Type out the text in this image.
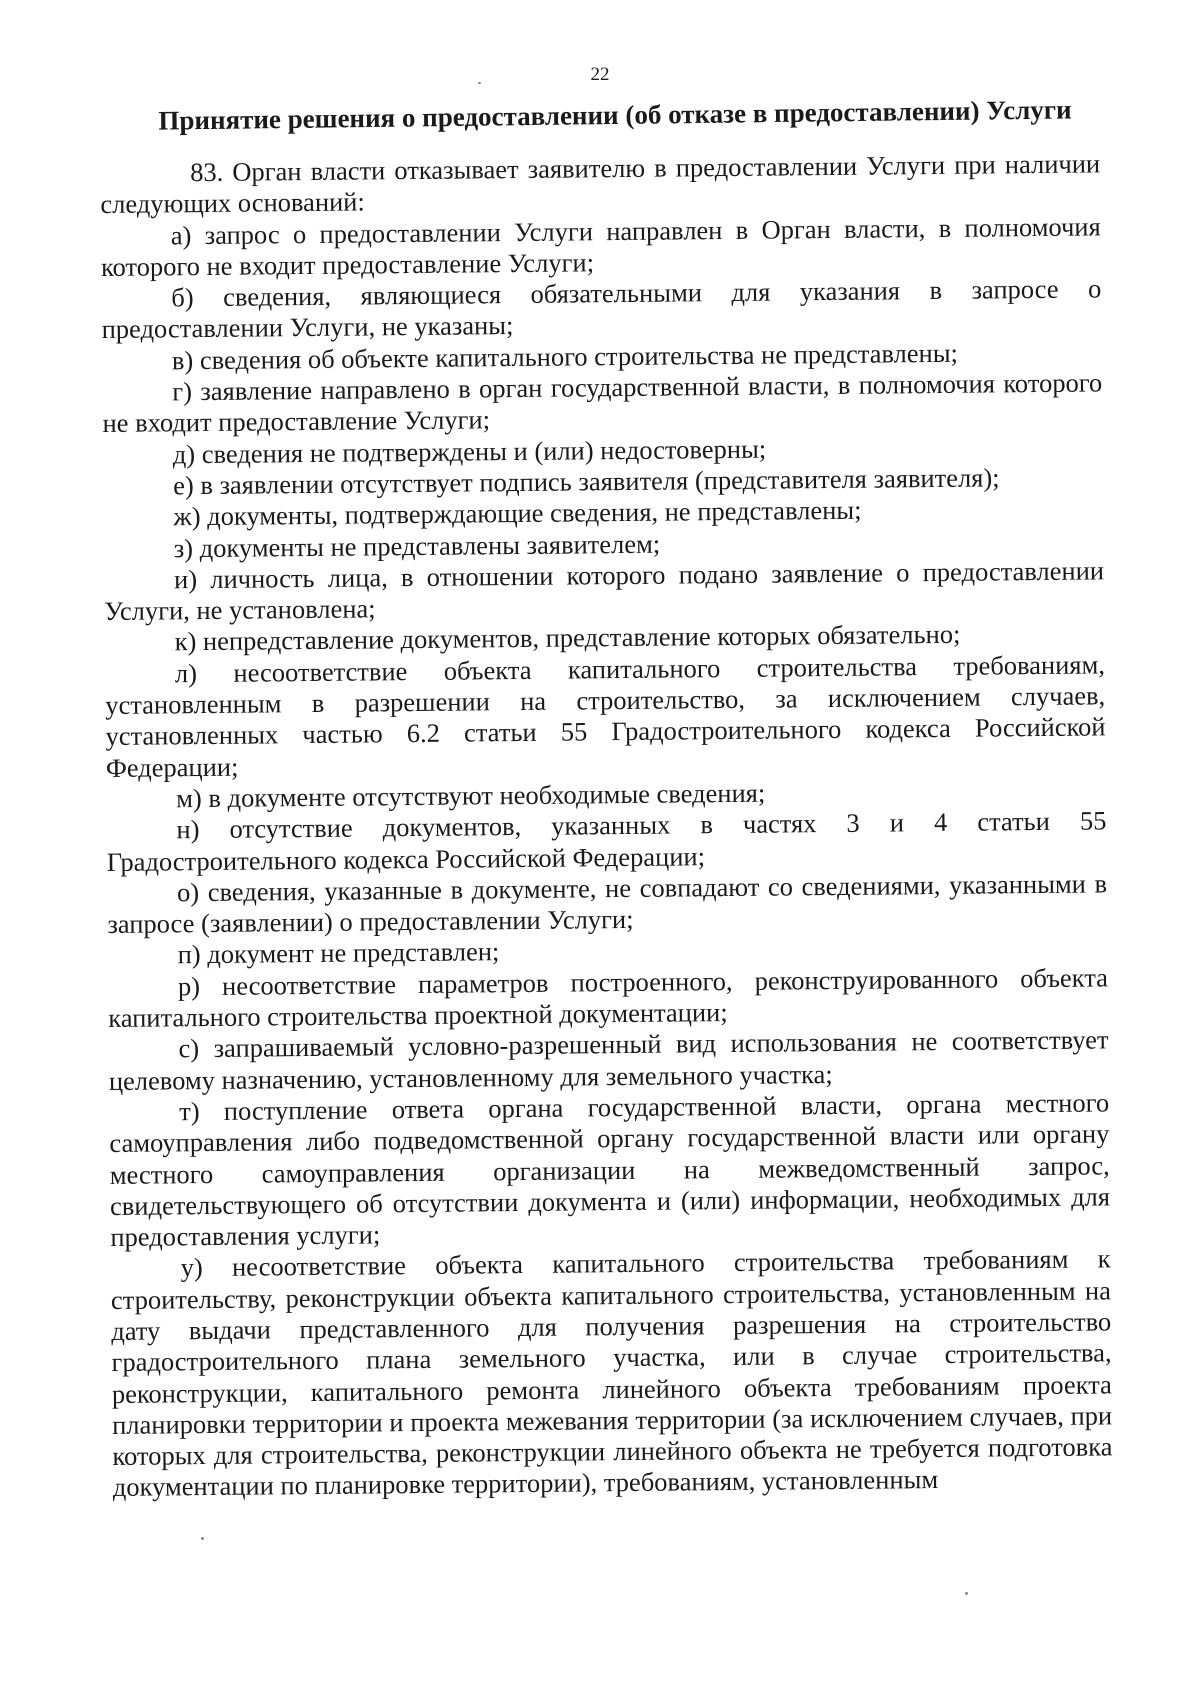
22
Принятие решения о предоставлении (об отказе в предоставлении) Услуги

83. Орган власти отказывает заявителю в предоставлении Услуги при наличии следующих оснований:

а) запрос о предоставлении Услуги направлен в Орган власти, в полномочия которого не входит предоставление Услуги;

б) сведения, являющиеся обязательными для указания в запросе о предоставлении Услуги, не указаны;

в) сведения об объекте капитального строительства не представлены;

г) заявление направлено в орган государственной власти, в полномочия которого не входит предоставление Услуги;

д) сведения не подтверждены и (или) недостоверны;

е) в заявлении отсутствует подпись заявителя (представителя заявителя);

ж) документы, подтверждающие сведения, не представлены;

з) документы не представлены заявителем;

и) личность лица, в отношении которого подано заявление о предоставлении Услуги, не установлена;

к) непредставление документов, представление которых обязательно;

л) несоответствие объекта капитального строительства требованиям, установленным в разрешении на строительство, за исключением случаев, установленных частью 6.2 статьи 55 Градостроительного кодекса Российской Федерации;

м) в документе отсутствуют необходимые сведения;

н) отсутствие документов, указанных в частях 3 и 4 статьи 55 Градостроительного кодекса Российской Федерации;

о) сведения, указанные в документе, не совпадают со сведениями, указанными в запросе (заявлении) о предоставлении Услуги;

п) документ не представлен;

р) несоответствие параметров построенного, реконструированного объекта капитального строительства проектной документации;

с) запрашиваемый условно-разрешенный вид использования не соответствует целевому назначению, установленному для земельного участка;

т) поступление ответа органа государственной власти, органа местного самоуправления либо подведомственной органу государственной власти или органу местного самоуправления организации на межведомственный запрос, свидетельствующего об отсутствии документа и (или) информации, необходимых для предоставления услуги;

у) несоответствие объекта капитального строительства требованиям к строительству, реконструкции объекта капитального строительства, установленным на дату выдачи представленного для получения разрешения на строительство градостроительного плана земельного участка, или в случае строительства, реконструкции, капитального ремонта линейного объекта требованиям проекта планировки территории и проекта межевания территории (за исключением случаев, при которых для строительства, реконструкции линейного объекта не требуется подготовка документации по планировке территории), требованиям, установленным
